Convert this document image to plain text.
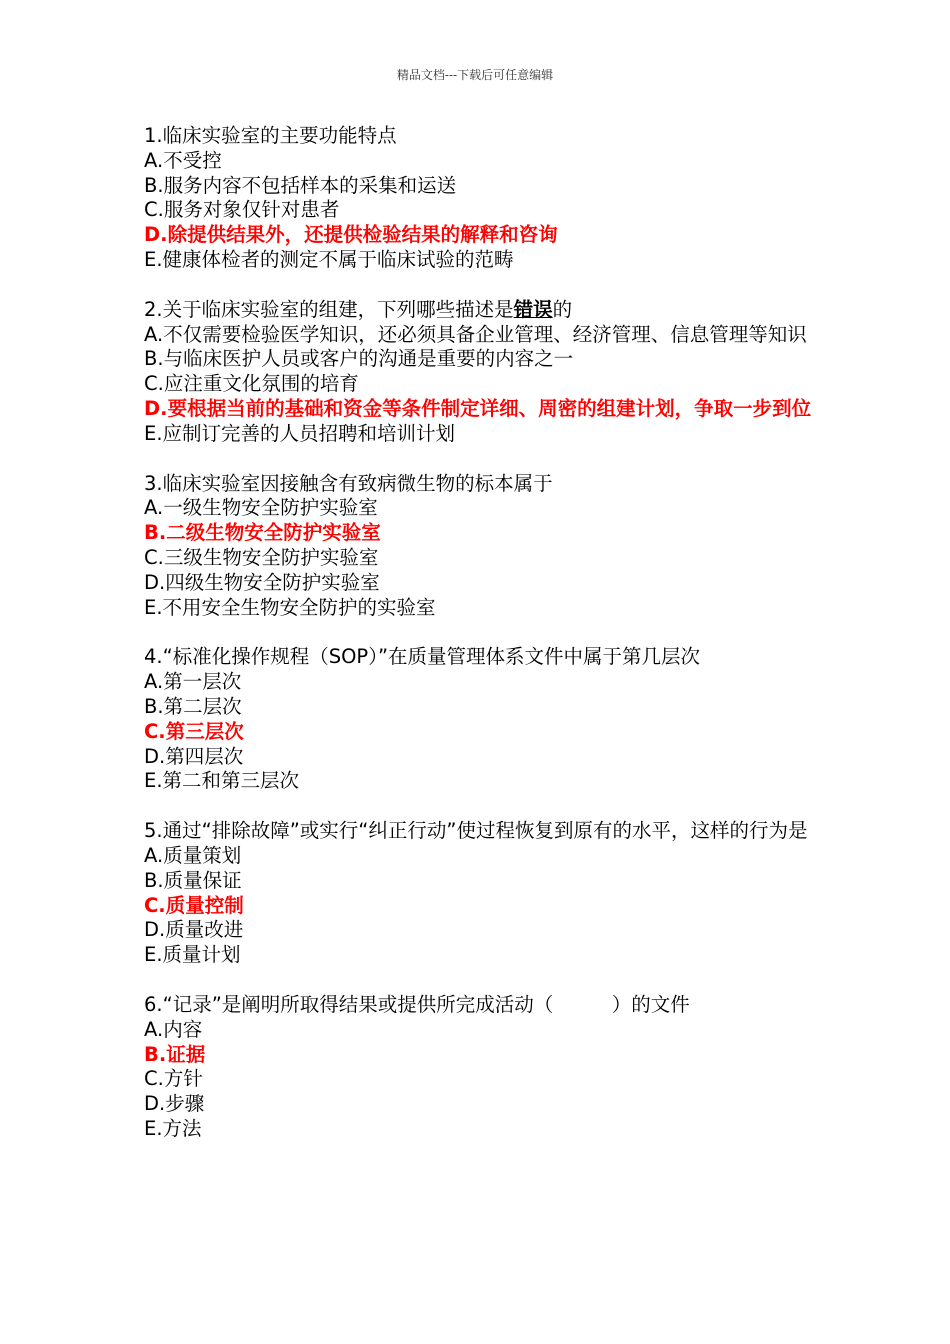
精品文档---下载后可任意编辑
1.临床实验室的主要功能特点
A.不受控
B.服务内容不包括样本的采集和运送
C.服务对象仅针对患者
D.除提供结果外，还提供检验结果的解释和咨询
E.健康体检者的测定不属于临床试验的范畴
2.关于临床实验室的组建，下列哪些描述是错误的
A.不仅需要检验医学知识，还必须具备企业管理、经济管理、信息管理等知识
B.与临床医护人员或客户的沟通是重要的内容之一
C.应注重文化氛围的培育
D.要根据当前的基础和资金等条件制定详细、周密的组建计划，争取一步到位
E.应制订完善的人员招聘和培训计划
3.临床实验室因接触含有致病微生物的标本属于
A.一级生物安全防护实验室
B.二级生物安全防护实验室
C.三级生物安全防护实验室
D.四级生物安全防护实验室
E.不用安全生物安全防护的实验室
4.“标准化操作规程（SOP）”在质量管理体系文件中属于第几层次
A.第一层次
B.第二层次
C.第三层次
D.第四层次
E.第二和第三层次
5.通过“排除故障”或实行“纠正行动”使过程恢复到原有的水平，这样的行为是
A.质量策划
B.质量保证
C.质量控制
D.质量改进
E.质量计划
6.“记录”是阐明所取得结果或提供所完成活动（　　　）的文件
A.内容
B.证据
C.方针
D.步骤
E.方法
